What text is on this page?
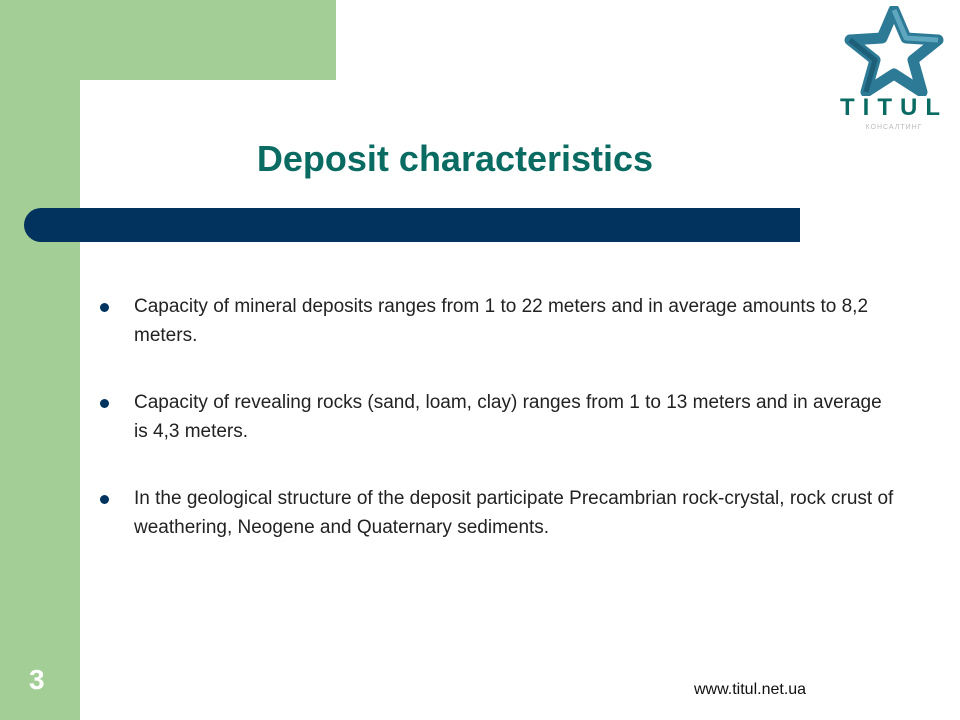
TITUL
КОНСАЛТИНГ
Deposit characteristics
Capacity of mineral deposits ranges from 1 to 22 meters and in average amounts to 8,2 meters.
Capacity of revealing rocks (sand, loam, clay) ranges from 1 to 13 meters and in average is 4,3 meters.
In the geological structure of the deposit participate Precambrian rock-crystal, rock crust of weathering, Neogene and Quaternary sediments.
3	www.titul.net.ua
